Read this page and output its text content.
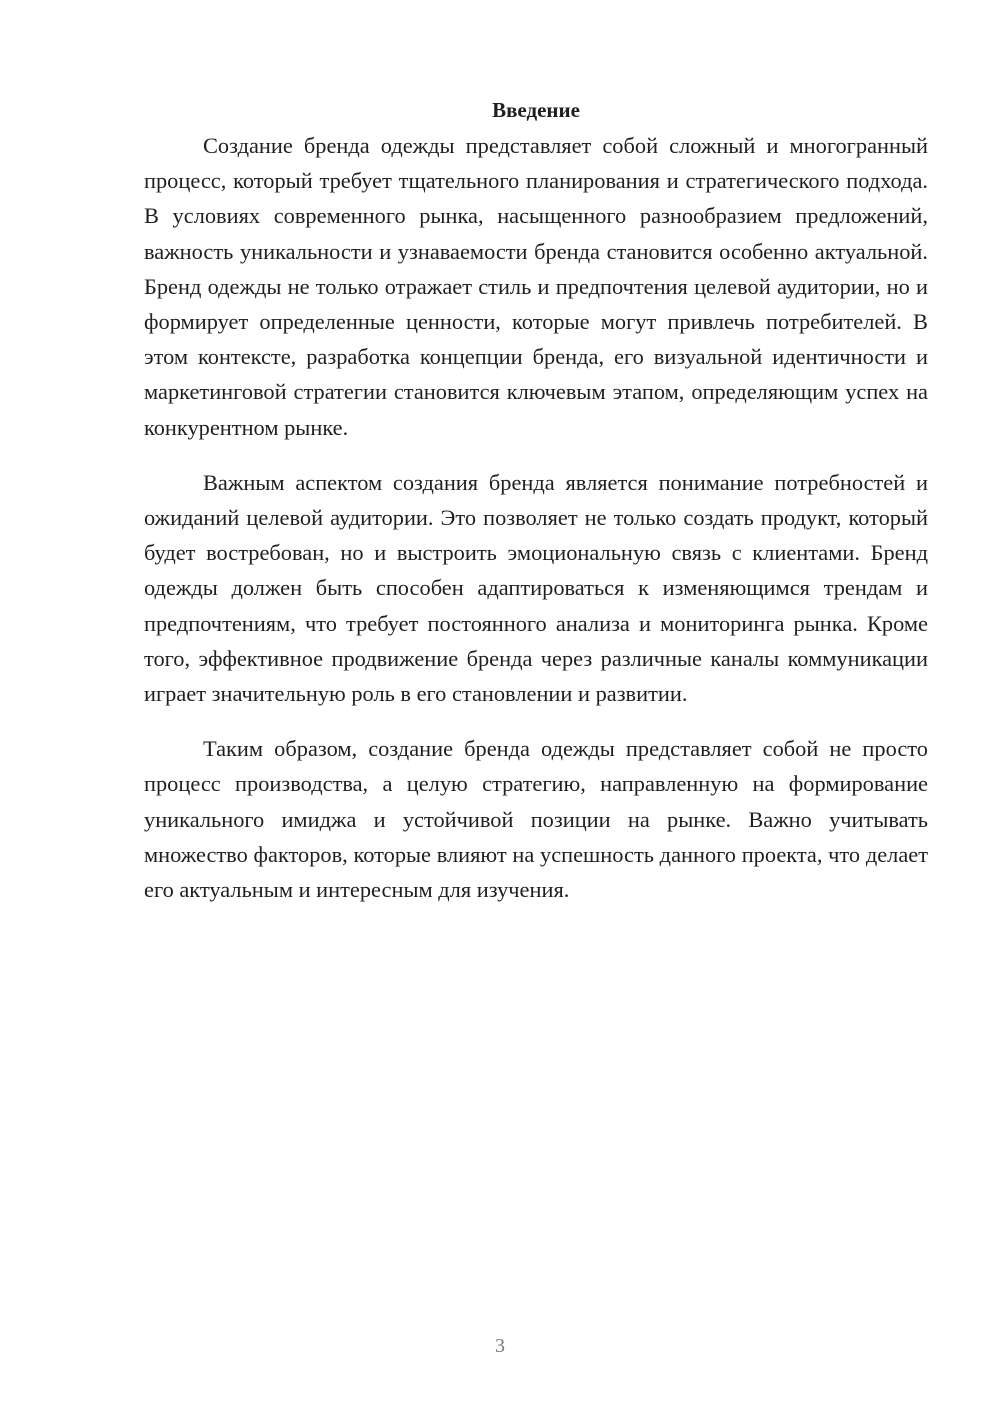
Введение

Создание бренда одежды представляет собой сложный и многогранный процесс, который требует тщательного планирования и стратегического подхода. В условиях современного рынка, насыщенного разнообразием предложений, важность уникальности и узнаваемости бренда становится особенно актуальной. Бренд одежды не только отражает стиль и предпочтения целевой аудитории, но и формирует определенные ценности, которые могут привлечь потребителей. В этом контексте, разработка концепции бренда, его визуальной идентичности и маркетинговой стратегии становится ключевым этапом, определяющим успех на конкурентном рынке.

Важным аспектом создания бренда является понимание потребностей и ожиданий целевой аудитории. Это позволяет не только создать продукт, который будет востребован, но и выстроить эмоциональную связь с клиентами. Бренд одежды должен быть способен адаптироваться к изменяющимся трендам и предпочтениям, что требует постоянного анализа и мониторинга рынка. Кроме того, эффективное продвижение бренда через различные каналы коммуникации играет значительную роль в его становлении и развитии.

Таким образом, создание бренда одежды представляет собой не просто процесс производства, а целую стратегию, направленную на формирование уникального имиджа и устойчивой позиции на рынке. Важно учитывать множество факторов, которые влияют на успешность данного проекта, что делает его актуальным и интересным для изучения.

3
